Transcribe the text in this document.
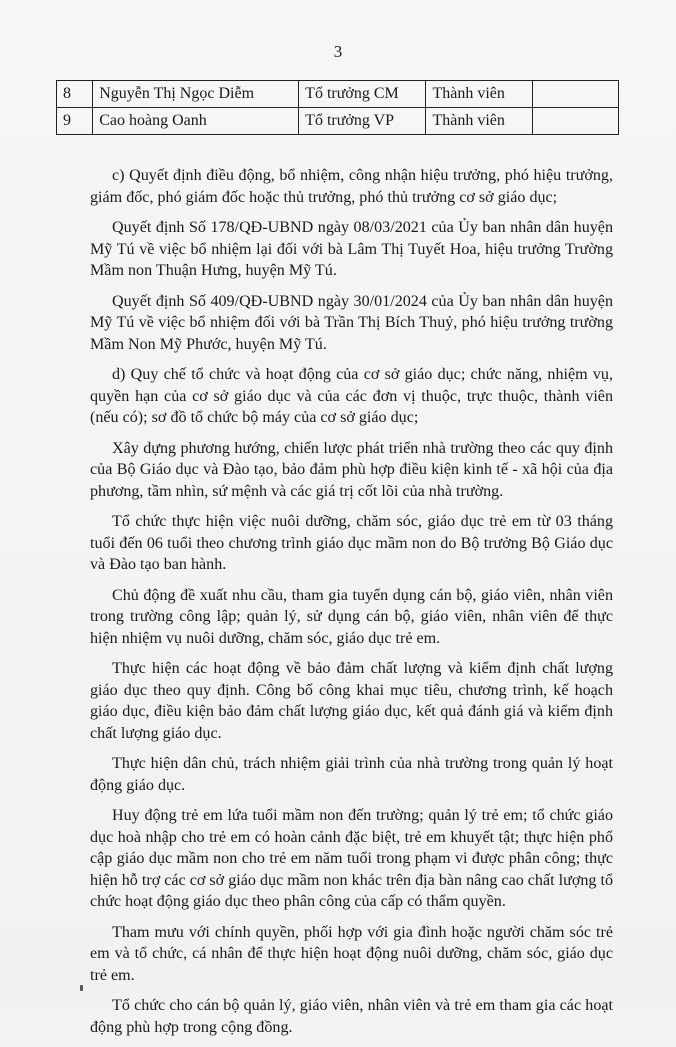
3
8	Nguyễn Thị Ngọc Diễm	Tổ trưởng CM	Thành viên	
9	Cao hoàng Oanh	Tổ trưởng VP	Thành viên	

c) Quyết định điều động, bổ nhiệm, công nhận hiệu trưởng, phó hiệu trưởng, giám đốc, phó giám đốc hoặc thủ trưởng, phó thủ trưởng cơ sở giáo dục;

Quyết định Số 178/QĐ-UBND ngày 08/03/2021 của Ủy ban nhân dân huyện Mỹ Tú về việc bổ nhiệm lại đối với bà Lâm Thị Tuyết Hoa, hiệu trưởng Trường Mầm non Thuận Hưng, huyện Mỹ Tú.

Quyết định Số 409/QĐ-UBND ngày 30/01/2024 của Ủy ban nhân dân huyện Mỹ Tú về việc bổ nhiệm đối với bà Trần Thị Bích Thuỷ, phó hiệu trưởng trường Mầm Non Mỹ Phước, huyện Mỹ Tú.

d) Quy chế tổ chức và hoạt động của cơ sở giáo dục; chức năng, nhiệm vụ, quyền hạn của cơ sở giáo dục và của các đơn vị thuộc, trực thuộc, thành viên (nếu có); sơ đồ tổ chức bộ máy của cơ sở giáo dục;

Xây dựng phương hướng, chiến lược phát triển nhà trường theo các quy định của Bộ Giáo dục và Đào tạo, bảo đảm phù hợp điều kiện kinh tế - xã hội của địa phương, tầm nhìn, sứ mệnh và các giá trị cốt lõi của nhà trường.

Tổ chức thực hiện việc nuôi dưỡng, chăm sóc, giáo dục trẻ em từ 03 tháng tuổi đến 06 tuổi theo chương trình giáo dục mầm non do Bộ trưởng Bộ Giáo dục và Đào tạo ban hành.

Chủ động đề xuất nhu cầu, tham gia tuyển dụng cán bộ, giáo viên, nhân viên trong trường công lập; quản lý, sử dụng cán bộ, giáo viên, nhân viên để thực hiện nhiệm vụ nuôi dưỡng, chăm sóc, giáo dục trẻ em.

Thực hiện các hoạt động về bảo đảm chất lượng và kiểm định chất lượng giáo dục theo quy định. Công bố công khai mục tiêu, chương trình, kế hoạch giáo dục, điều kiện bảo đảm chất lượng giáo dục, kết quả đánh giá và kiểm định chất lượng giáo dục.

Thực hiện dân chủ, trách nhiệm giải trình của nhà trường trong quản lý hoạt động giáo dục.

Huy động trẻ em lứa tuổi mầm non đến trường; quản lý trẻ em; tổ chức giáo dục hoà nhập cho trẻ em có hoàn cảnh đặc biệt, trẻ em khuyết tật; thực hiện phổ cập giáo dục mầm non cho trẻ em năm tuổi trong phạm vi được phân công; thực hiện hỗ trợ các cơ sở giáo dục mầm non khác trên địa bàn nâng cao chất lượng tổ chức hoạt động giáo dục theo phân công của cấp có thẩm quyền.

Tham mưu với chính quyền, phối hợp với gia đình hoặc người chăm sóc trẻ em và tổ chức, cá nhân để thực hiện hoạt động nuôi dưỡng, chăm sóc, giáo dục trẻ em.

Tổ chức cho cán bộ quản lý, giáo viên, nhân viên và trẻ em tham gia các hoạt động phù hợp trong cộng đồng.
